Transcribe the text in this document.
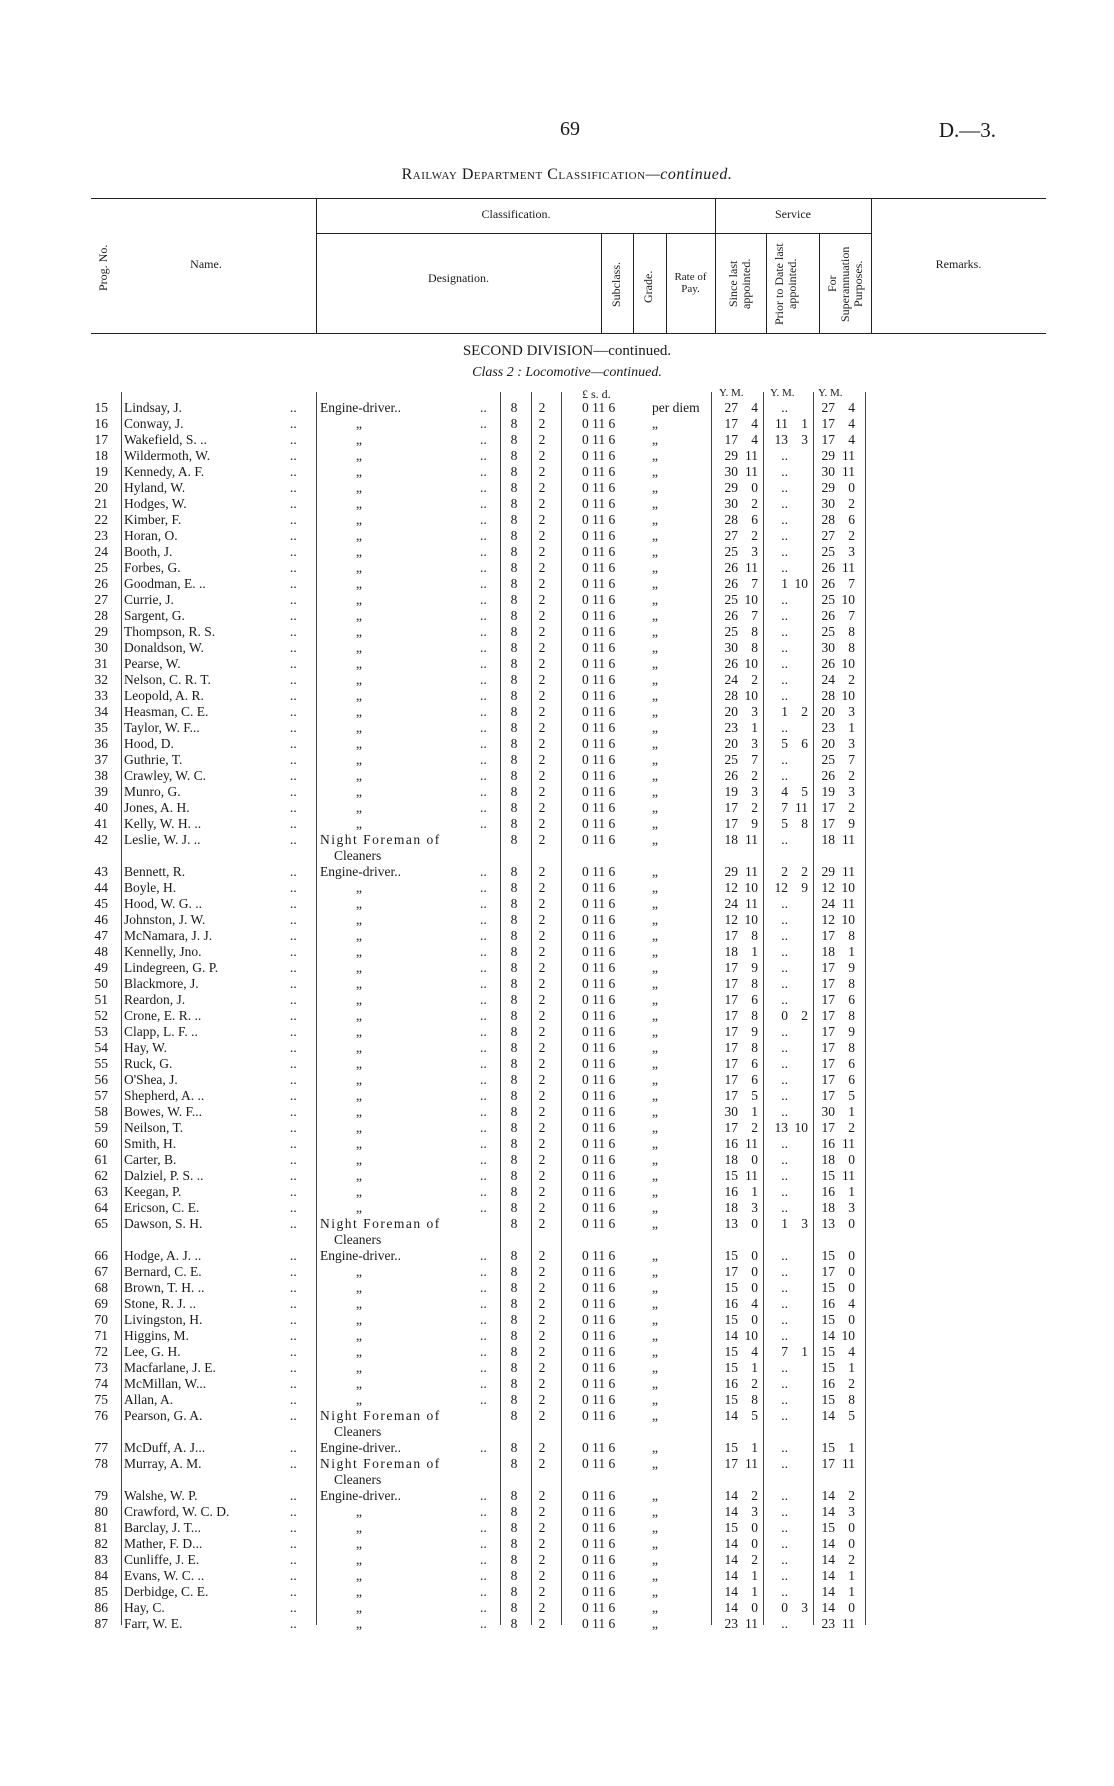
69	D.—3.
Railway Department Classification—continued.
Prog. No.	Name.
Classification.
Designation.	Subclass. Grade.	Rate of Pay.
Service
Since last appointed. Prior to Date last appointed.	For Superannuation Purposes.	Remarks.
SECOND DIVISION—continued.
Class 2 : Locomotive—continued.
£ s. d.	Y. M. Y. M. Y. M.
..	..
15 Lindsay, J.	Engine-driver..	8 2	0 11 6	per diem	27 4	..	27 4
..	..
16 Conway, J.	„	8 2	0 11 6	„	17 4	11 1	17 4
..	..
17 Wakefield, S. ..	„	8 2	0 11 6	„	17 4	13 3	17 4
..	..
18 Wildermoth, W.	„	8 2	0 11 6	„	29 11	..	29 11
..	..
19 Kennedy, A. F.	„	8 2	0 11 6	„	30 11	..	30 11
..	..
20 Hyland, W.	„	8 2	0 11 6	„	29 0	..	29 0
..	..
21 Hodges, W.	„	8 2	0 11 6	„	30 2	..	30 2
..	..
22 Kimber, F.	„	8 2	0 11 6	„	28 6	..	28 6
..	..
23 Horan, O.	„	8 2	0 11 6	„	27 2	..	27 2
..	..
24 Booth, J.	„	8 2	0 11 6	„	25 3	..	25 3
..	..
25 Forbes, G.	„	8 2	0 11 6	„	26 11	..	26 11
..	..
26 Goodman, E. ..	„	8 2	0 11 6	„	26 7	1 10	26 7
..	..
27 Currie, J.	„	8 2	0 11 6	„	25 10	..	25 10
..	..
28 Sargent, G.	„	8 2	0 11 6	„	26 7	..	26 7
..	..
29 Thompson, R. S.	„	8 2	0 11 6	„	25 8	..	25 8
..	..
30 Donaldson, W.	„	8 2	0 11 6	„	30 8	..	30 8
..	..
31 Pearse, W.	„	8 2	0 11 6	„	26 10	..	26 10
..	..
32 Nelson, C. R. T.	„	8 2	0 11 6	„	24 2	..	24 2
..	..
33 Leopold, A. R.	„	8 2	0 11 6	„	28 10	..	28 10
..	..
34 Heasman, C. E.	„	8 2	0 11 6	„	20 3	1 2	20 3
..	..
35 Taylor, W. F...	„	8 2	0 11 6	„	23 1	..	23 1
..	..
36 Hood, D.	„	8 2	0 11 6	„	20 3	5 6	20 3
..	..
37 Guthrie, T.	„	8 2	0 11 6	„	25 7	..	25 7
..	..
38 Crawley, W. C.	„	8 2	0 11 6	„	26 2	..	26 2
..	..
39 Munro, G.	„	8 2	0 11 6	„	19 3	4 5	19 3
..	..
40 Jones, A. H.	„	8 2	0 11 6	„	17 2	7 11	17 2
..	..
41 Kelly, W. H. ..	„	8 2	0 11 6	„	17 9	5 8	17 9
..
42 Leslie, W. J. ..	Night Foreman of	8 2	0 11 6	„	18 11	..	18 11
Cleaners
..	..
43 Bennett, R.	Engine-driver..	8 2	0 11 6	„	29 11	2 2	29 11
..	..
44 Boyle, H.	„	8 2	0 11 6	„	12 10	12 9	12 10
..	..
45 Hood, W. G. ..	„	8 2	0 11 6	„	24 11	..	24 11
..	..
46 Johnston, J. W.	„	8 2	0 11 6	„	12 10	..	12 10
..	..
47 McNamara, J. J.	„	8 2	0 11 6	„	17 8	..	17 8
..	..
48 Kennelly, Jno.	„	8 2	0 11 6	„	18 1	..	18 1
..	..
49 Lindegreen, G. P.	„	8 2	0 11 6	„	17 9	..	17 9
..	..
50 Blackmore, J.	„	8 2	0 11 6	„	17 8	..	17 8
..	..
51 Reardon, J.	„	8 2	0 11 6	„	17 6	..	17 6
..	..
52 Crone, E. R. ..	„	8 2	0 11 6	„	17 8	0 2	17 8
..	..
53 Clapp, L. F. ..	„	8 2	0 11 6	„	17 9	..	17 9
..	..
54 Hay, W.	„	8 2	0 11 6	„	17 8	..	17 8
..	..
55 Ruck, G.	„	8 2	0 11 6	„	17 6	..	17 6
..	..
56 O'Shea, J.	„	8 2	0 11 6	„	17 6	..	17 6
..	..
57 Shepherd, A. ..	„	8 2	0 11 6	„	17 5	..	17 5
..	..
58 Bowes, W. F...	„	8 2	0 11 6	„	30 1	..	30 1
..	..
59 Neilson, T.	„	8 2	0 11 6	„	17 2	13 10	17 2
..	..
60 Smith, H.	„	8 2	0 11 6	„	16 11	..	16 11
..	..
61 Carter, B.	„	8 2	0 11 6	„	18 0	..	18 0
..	..
62 Dalziel, P. S. ..	„	8 2	0 11 6	„	15 11	..	15 11
..	..
63 Keegan, P.	„	8 2	0 11 6	„	16 1	..	16 1
..	..
64 Ericson, C. E.	„	8 2	0 11 6	„	18 3	..	18 3
..
65 Dawson, S. H.	Night Foreman of	8 2	0 11 6	„	13 0	1 3	13 0
Cleaners
..	..
66 Hodge, A. J. ..	Engine-driver..	8 2	0 11 6	„	15 0	..	15 0
..	..
67 Bernard, C. E.	„	8 2	0 11 6	„	17 0	..	17 0
..	..
68 Brown, T. H. ..	„	8 2	0 11 6	„	15 0	..	15 0
..	..
69 Stone, R. J. ..	„	8 2	0 11 6	„	16 4	..	16 4
..	..
70 Livingston, H.	„	8 2	0 11 6	„	15 0	..	15 0
..	..
71 Higgins, M.	„	8 2	0 11 6	„	14 10	..	14 10
..	..
72 Lee, G. H.	„	8 2	0 11 6	„	15 4	7 1	15 4
..	..
73 Macfarlane, J. E.	„	8 2	0 11 6	„	15 1	..	15 1
..	..
74 McMillan, W...	„	8 2	0 11 6	„	16 2	..	16 2
..	..
75 Allan, A.	„	8 2	0 11 6	„	15 8	..	15 8
..
76 Pearson, G. A.	Night Foreman of	8 2	0 11 6	„	14 5	..	14 5
Cleaners
..	..
77 McDuff, A. J...	Engine-driver..	8 2	0 11 6	„	15 1	..	15 1
..
78 Murray, A. M.	Night Foreman of	8 2	0 11 6	„	17 11	..	17 11
Cleaners
..	..
79 Walshe, W. P.	Engine-driver..	8 2	0 11 6	„	14 2	..	14 2
..	..
80 Crawford, W. C. D.	„	8 2	0 11 6	„	14 3	..	14 3
..	..
81 Barclay, J. T...	„	8 2	0 11 6	„	15 0	..	15 0
..	..
82 Mather, F. D...	„	8 2	0 11 6	„	14 0	..	14 0
..	..
83 Cunliffe, J. E.	„	8 2	0 11 6	„	14 2	..	14 2
..	..
84 Evans, W. C. ..	„	8 2	0 11 6	„	14 1	..	14 1
..	..
85 Derbidge, C. E.	„	8 2	0 11 6	„	14 1	..	14 1
..	..
86 Hay, C.	„	8 2	0 11 6	„	14 0	0 3	14 0
..	..
87 Farr, W. E.	„	8 2	0 11 6	„	23 11	..	23 11
